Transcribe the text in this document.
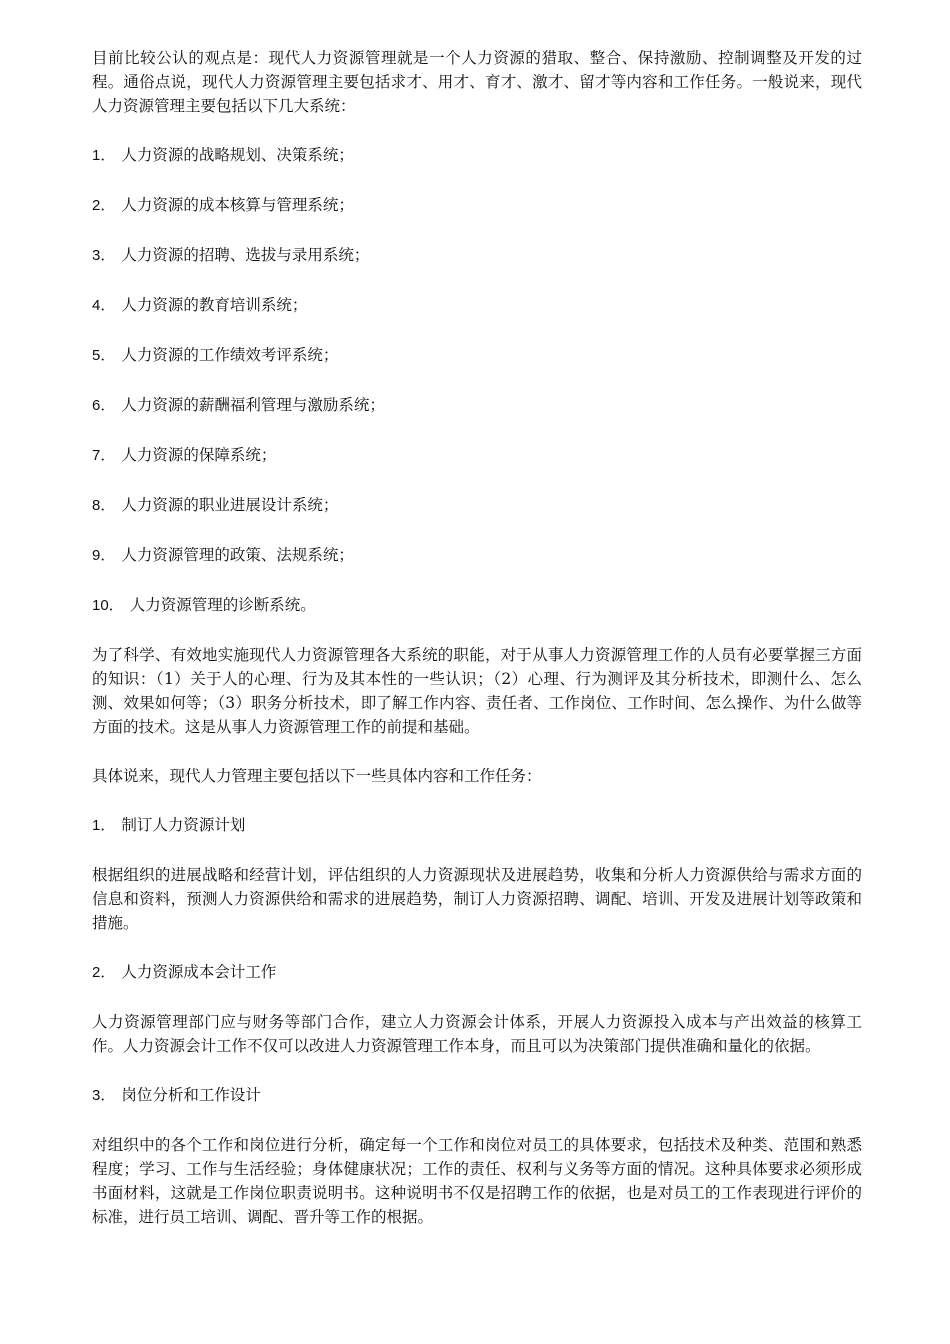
目前比较公认的观点是：现代人力资源管理就是一个人力资源的猎取、整合、保持激励、控制调整及开发的过程。通俗点说，现代人力资源管理主要包括求才、用才、育才、激才、留才等内容和工作任务。一般说来，现代人力资源管理主要包括以下几大系统：

1． 人力资源的战略规划、决策系统；
2． 人力资源的成本核算与管理系统；
3． 人力资源的招聘、选拔与录用系统；
4． 人力资源的教育培训系统；
5． 人力资源的工作绩效考评系统；
6． 人力资源的薪酬福利管理与激励系统；
7． 人力资源的保障系统；
8． 人力资源的职业进展设计系统；
9． 人力资源管理的政策、法规系统；
10． 人力资源管理的诊断系统。

为了科学、有效地实施现代人力资源管理各大系统的职能，对于从事人力资源管理工作的人员有必要掌握三方面的知识：（1）关于人的心理、行为及其本性的一些认识；（2）心理、行为测评及其分析技术，即测什么、怎么测、效果如何等；（3）职务分析技术，即了解工作内容、责任者、工作岗位、工作时间、怎么操作、为什么做等方面的技术。这是从事人力资源管理工作的前提和基础。

具体说来，现代人力管理主要包括以下一些具体内容和工作任务：

1． 制订人力资源计划

根据组织的进展战略和经营计划，评估组织的人力资源现状及进展趋势，收集和分析人力资源供给与需求方面的信息和资料，预测人力资源供给和需求的进展趋势，制订人力资源招聘、调配、培训、开发及进展计划等政策和措施。

2． 人力资源成本会计工作

人力资源管理部门应与财务等部门合作，建立人力资源会计体系，开展人力资源投入成本与产出效益的核算工作。人力资源会计工作不仅可以改进人力资源管理工作本身，而且可以为决策部门提供准确和量化的依据。

3． 岗位分析和工作设计

对组织中的各个工作和岗位进行分析，确定每一个工作和岗位对员工的具体要求，包括技术及种类、范围和熟悉程度；学习、工作与生活经验；身体健康状况；工作的责任、权利与义务等方面的情况。这种具体要求必须形成书面材料，这就是工作岗位职责说明书。这种说明书不仅是招聘工作的依据，也是对员工的工作表现进行评价的标准，进行员工培训、调配、晋升等工作的根据。
